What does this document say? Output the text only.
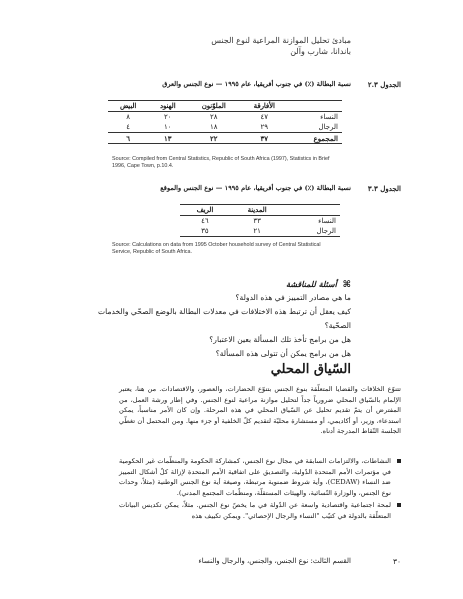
مبادئ تحليل الموازنة المراعية لنوع الجنس
باندانا، شارب وآلن
الجدول ٢.٣
نسبة البطالة (٪) في جنوب أفريقيا، عام ١٩٩٥ — نوع الجنس والعرق
	الأفارقة	الملوّنون	الهنود	البيض
النساء	٤٧	٢٨	٢٠	٨
الرجال	٢٩	١٨	١٠	٤
المجموع	٣٧	٢٢	١٣	٦
Source: Compiled from Central Statistics, Republic of South Africa (1997), Statistics in Brief 1996, Cape Town, p.10.4.
الجدول ٣.٣
نسبة البطالة (٪) في جنوب أفريقيا، عام ١٩٩٥ — نوع الجنس والموقع
	المدينة	الريف
النساء	٣٣	٤٦
الرجال	٢١	٣٥
Source: Calculations on data from 1995 October household survey of Central Statistical Service, Republic of South Africa.
⌘ أسئلة للمناقشة
ما هي مصادر التمييز في هذه الدولة؟
كيف يعقل أن ترتبط هذه الاختلافات في معدلات البطالة بالوضع الصحّي والخدمات الصحّية؟
هل من برامج تأخذ تلك المسألة بعين الاعتبار؟
هل من برامج يمكن أن تتولى هذه المسألة؟
السّياق المحلي

تتنوّع الخلافات والقضايا المتعلّقة بنوع الجنس بتنوّع الحضارات، والعصور، والاقتصادات. من هنا، يعتبر الإلمام بالسّياق المحلي ضرورياً جداً لتحليل موازنة مراعية لنوع الجنس. وفي إطار ورشة العمل، من المفترض أن يتمّ تقديم تحليل عن السّياق المحلي في هذه المرحلة. وإن كان الأمر مناسباً، يمكن استدعاء، وزير، أو أكاديمي، أو مستشارة محليّة لتقديم كلّ الخلفية أو جزء منها. ومن المحتمل أن تغطّي الجلسة النّقاط المدرجة أدناه.

النشاطات، والالتزامات السابقة في مجال نوع الجنس، كمشاركة الحكومة والمنظّمات غير الحكومية في مؤتمرات الأمم المتحدة الدّولية، والتصديق على اتفاقية الأمم المتحدة لإزالة كلّ أشكال التمييز ضد النساء (CEDAW)، وأية شروط ضمنوية مرتبطة، وصيغة أية نوع الجنس الوطنية (مثلاً، وحدات نوع الجنس، والوزارة النّسائية، والهيئات المستقلّة، ومنظّمات المجتمع المدني).
لمحة اجتماعية واقتصادية واسعة عن الدّولة في ما يخصّ نوع الجنس. مثلاً، يمكن تكديس البيانات المتعلّقة بالدولة في كتيّب "النساء والرجال الإحصائي". ويمكن تكييف هذه
القسم الثالث: نوع الجنس، والجنس، والرجال والنساء	٣٠
